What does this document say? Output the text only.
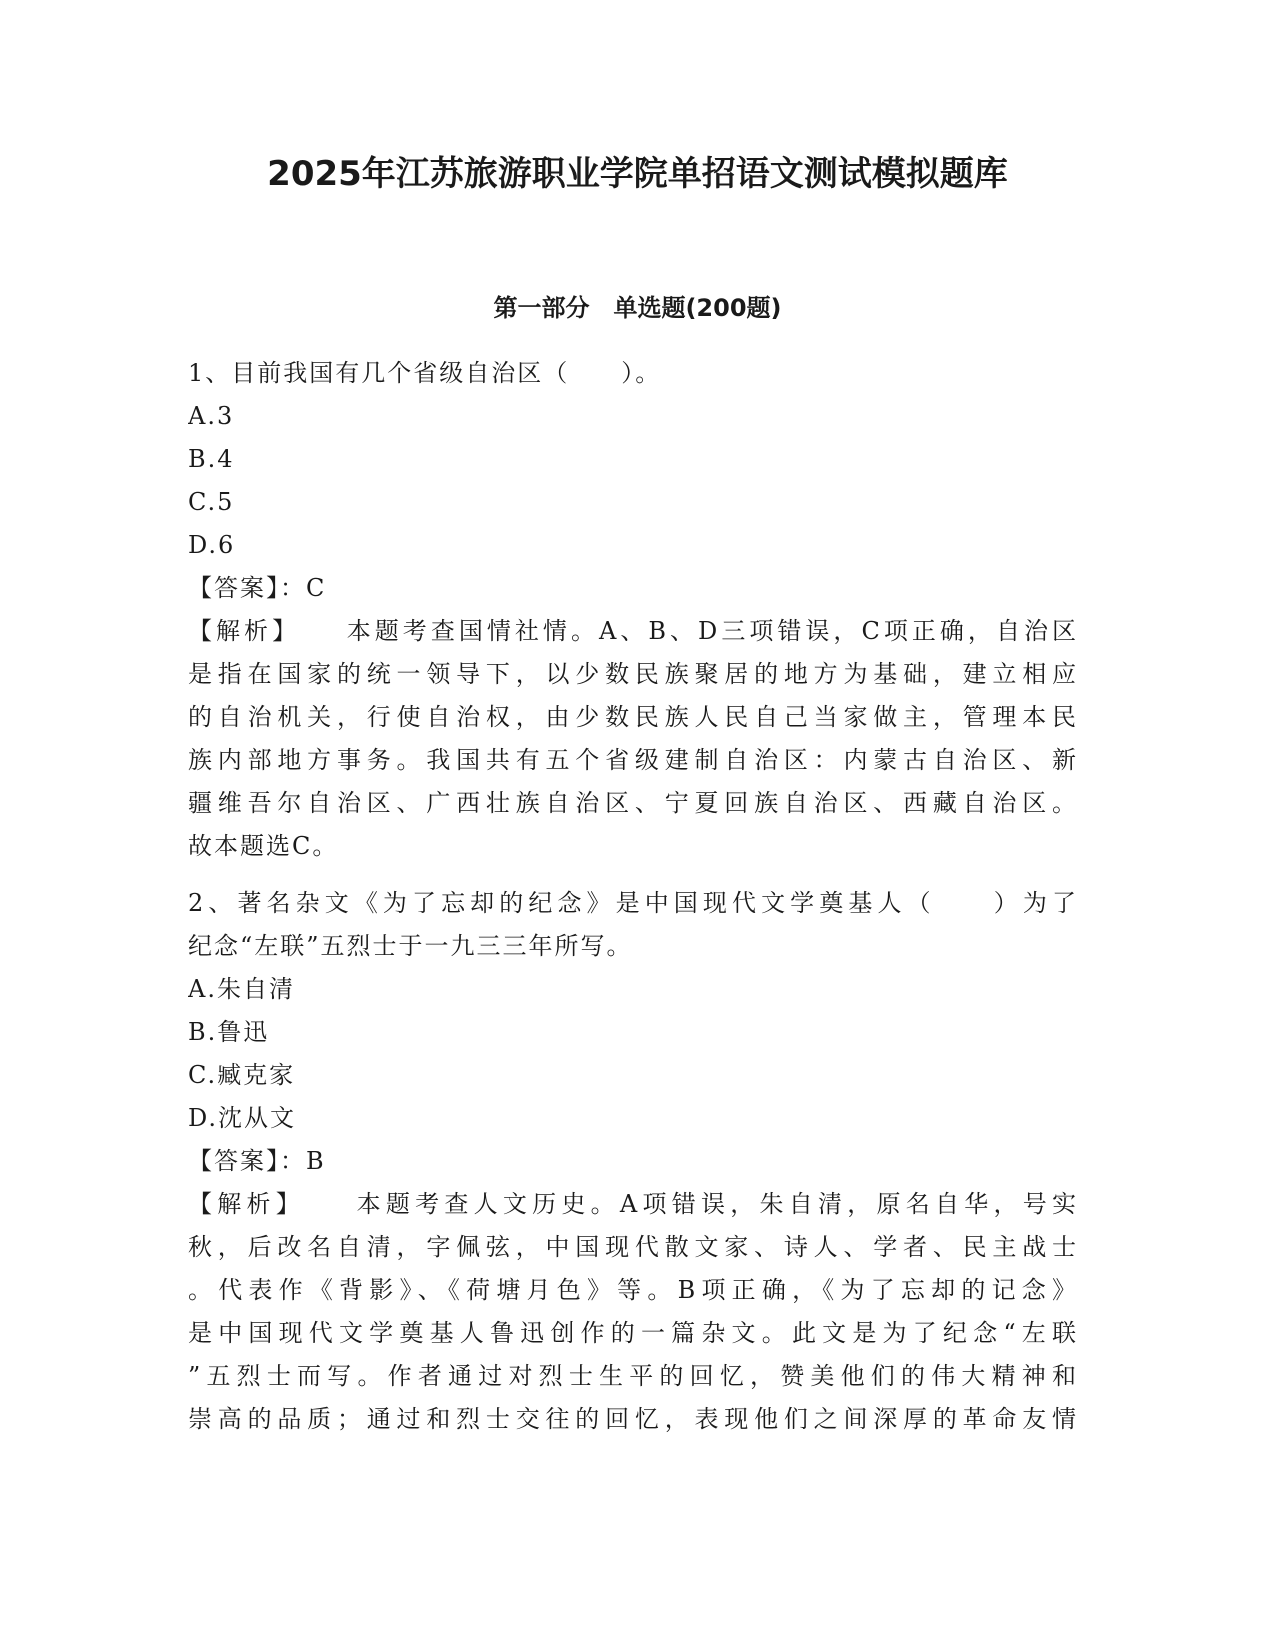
2025年江苏旅游职业学院单招语文测试模拟题库
第一部分　单选题(200题)
1、目前我国有几个省级自治区（　　）。
A.3
B.4
C.5
D.6
【答案】：C
【解析】 本题考查国情社情。A、B、D三项错误，C项正确，自治区
是指在国家的统一领导下，以少数民族聚居的地方为基础，建立相应
的自治机关，行使自治权，由少数民族人民自己当家做主，管理本民
族内部地方事务。我国共有五个省级建制自治区：内蒙古自治区、新
疆维吾尔自治区、广西壮族自治区、宁夏回族自治区、西藏自治区。
故本题选C。
2、著名杂文《为了忘却的纪念》是中国现代文学奠基人（　　）为了
纪念“左联”五烈士于一九三三年所写。
A.朱自清
B.鲁迅
C.臧克家
D.沈从文
【答案】：B
【解析】 本题考查人文历史。A项错误，朱自清，原名自华，号实
秋，后改名自清，字佩弦，中国现代散文家、诗人、学者、民主战士
。代表作《背影》、《荷塘月色》等。B项正确，《为了忘却的记念》
是中国现代文学奠基人鲁迅创作的一篇杂文。此文是为了纪念“左联
”五烈士而写。作者通过对烈士生平的回忆，赞美他们的伟大精神和
崇高的品质；通过和烈士交往的回忆，表现他们之间深厚的革命友情
